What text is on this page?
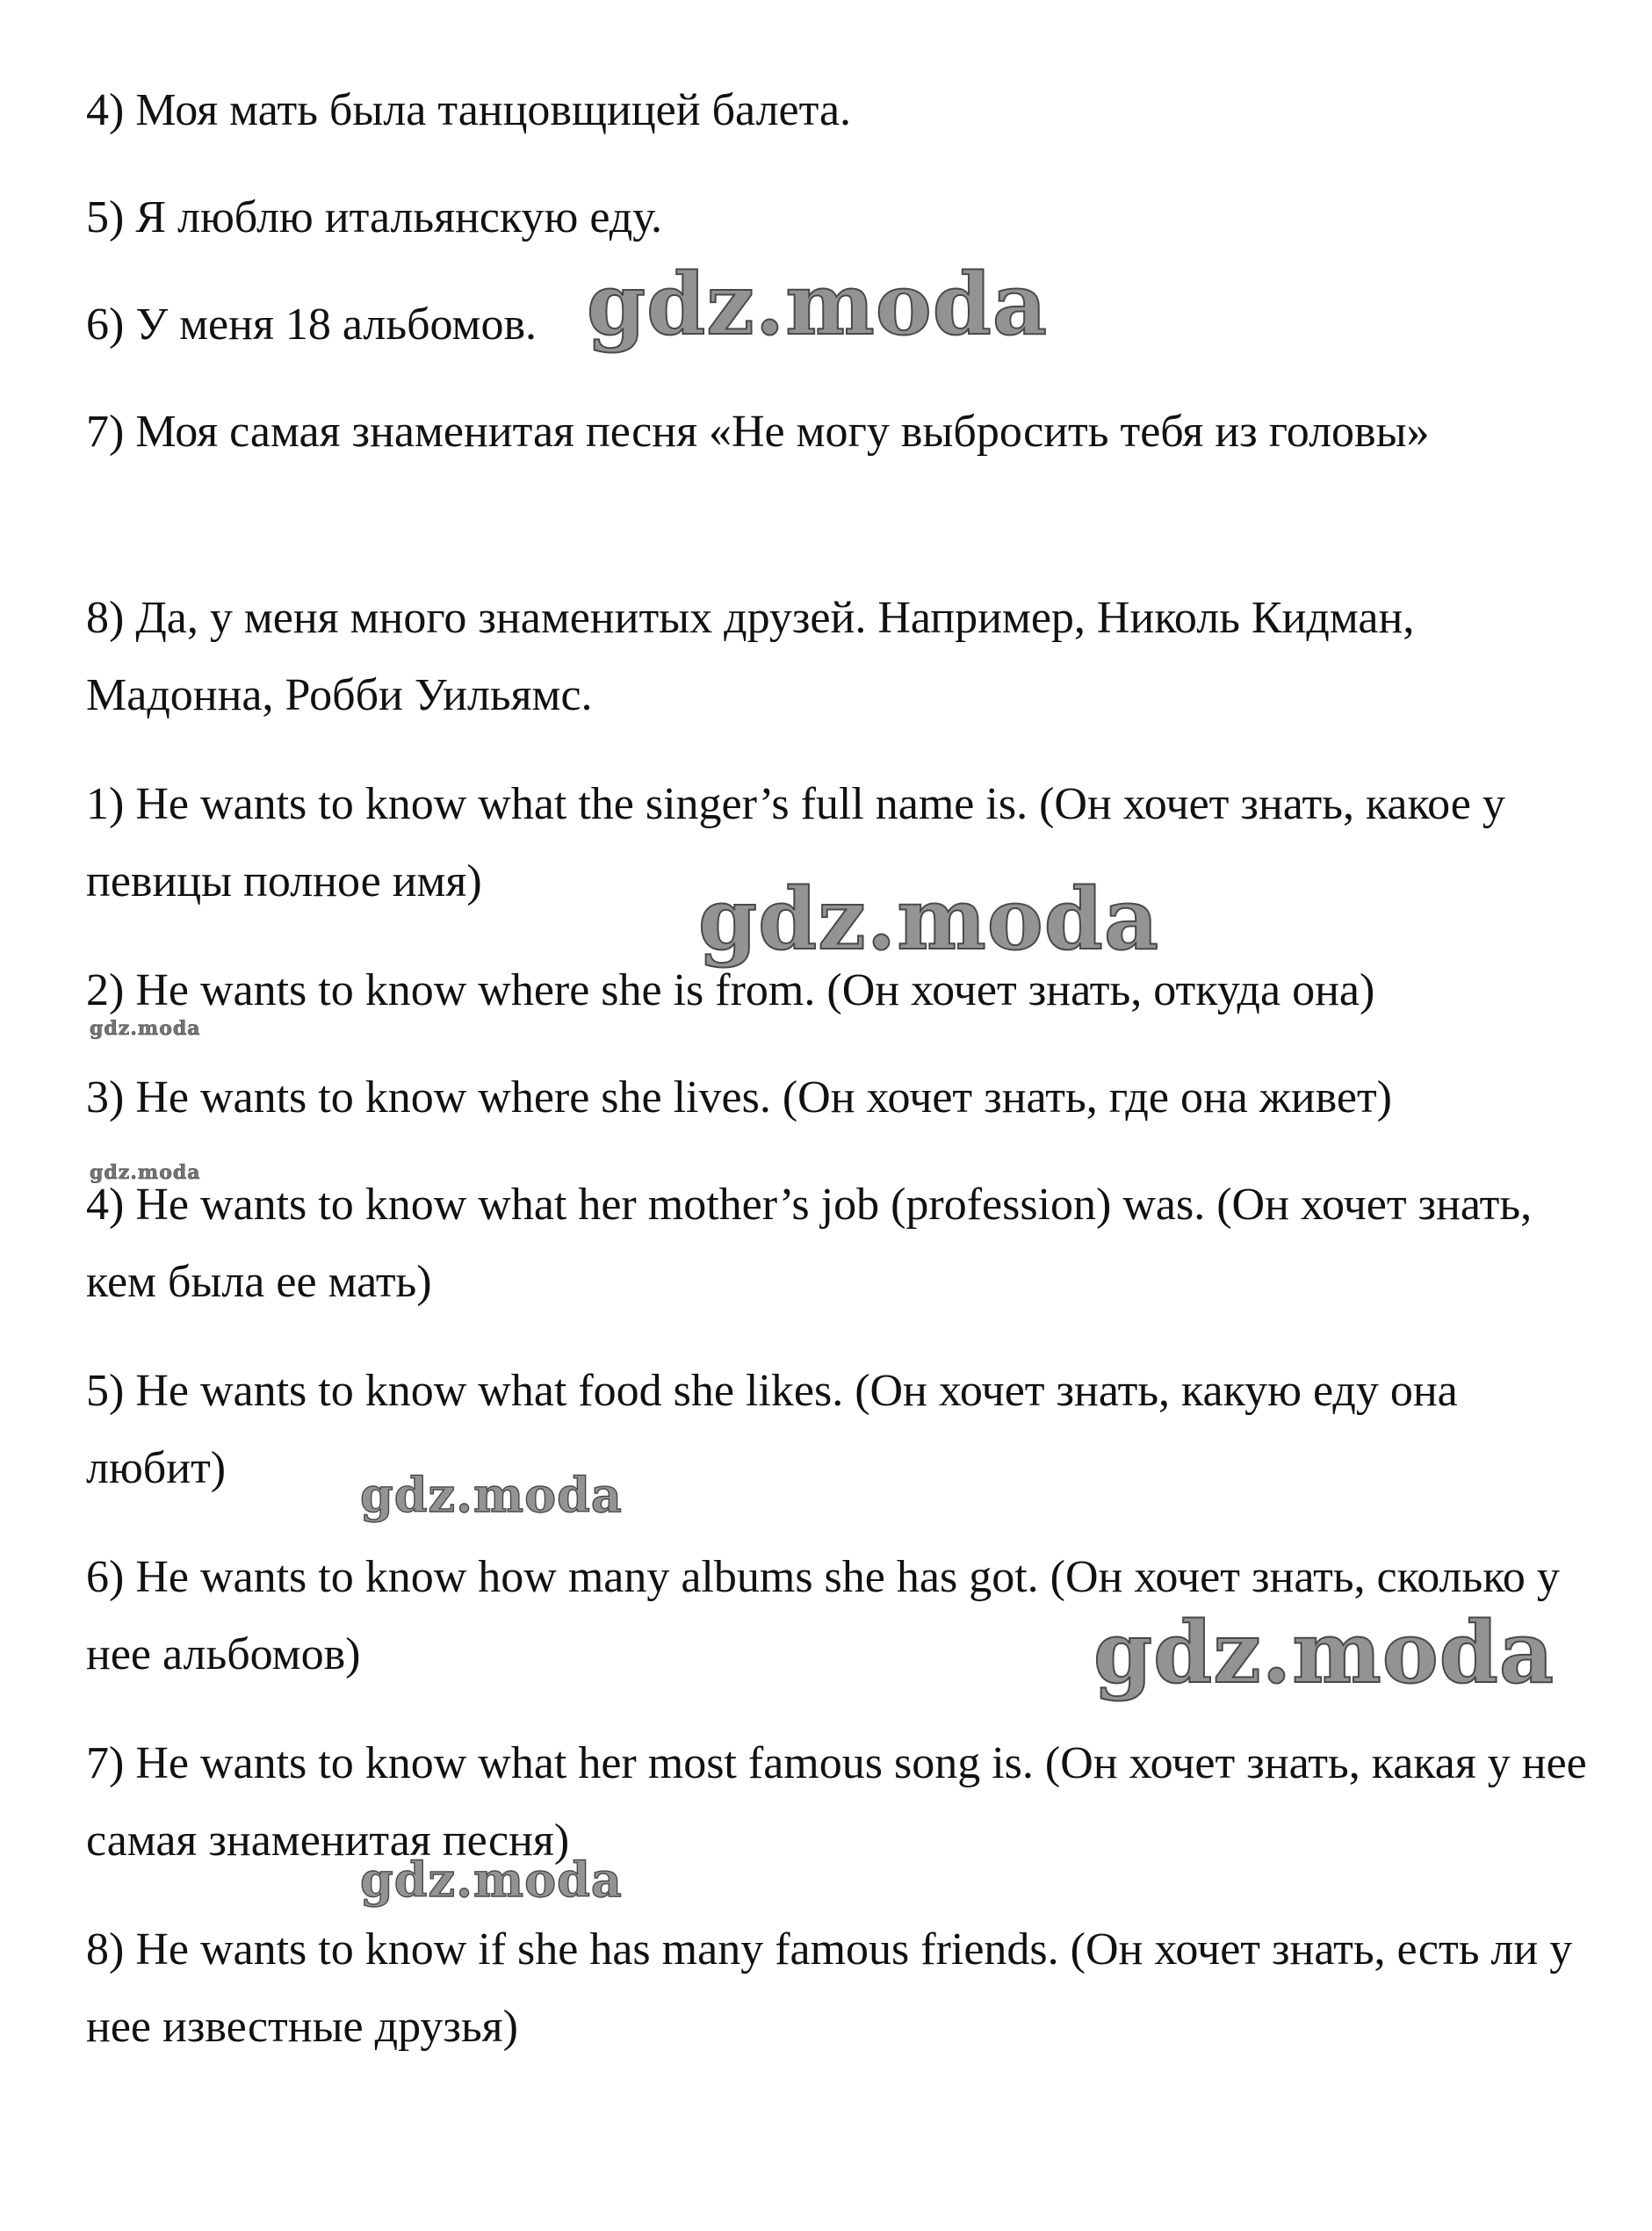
4) Моя мать была танцовщицей балета.

5) Я люблю итальянскую еду.

6) У меня 18 альбомов.

7) Моя самая знаменитая песня «Не могу выбросить тебя из головы»

8) Да, у меня много знаменитых друзей. Например, Николь Кидман, Мадонна, Робби Уильямс.

1) He wants to know what the singer’s full name is. (Он хочет знать, какое у певицы полное имя)

2) He wants to know where she is from. (Он хочет знать, откуда она)

3) He wants to know where she lives. (Он хочет знать, где она живет)

4) He wants to know what her mother’s job (profession) was. (Он хочет знать, кем была ее мать)

5) He wants to know what food she likes. (Он хочет знать, какую еду она любит)

6) He wants to know how many albums she has got. (Он хочет знать, сколько у нее альбомов)

7) He wants to know what her most famous song is. (Он хочет знать, какая у нее самая знаменитая песня)

8) He wants to know if she has many famous friends. (Он хочет знать, есть ли у нее известные друзья)

gdz.moda
gdz.moda
gdz.moda
gdz.moda
gdz.moda
gdz.moda
gdz.moda
